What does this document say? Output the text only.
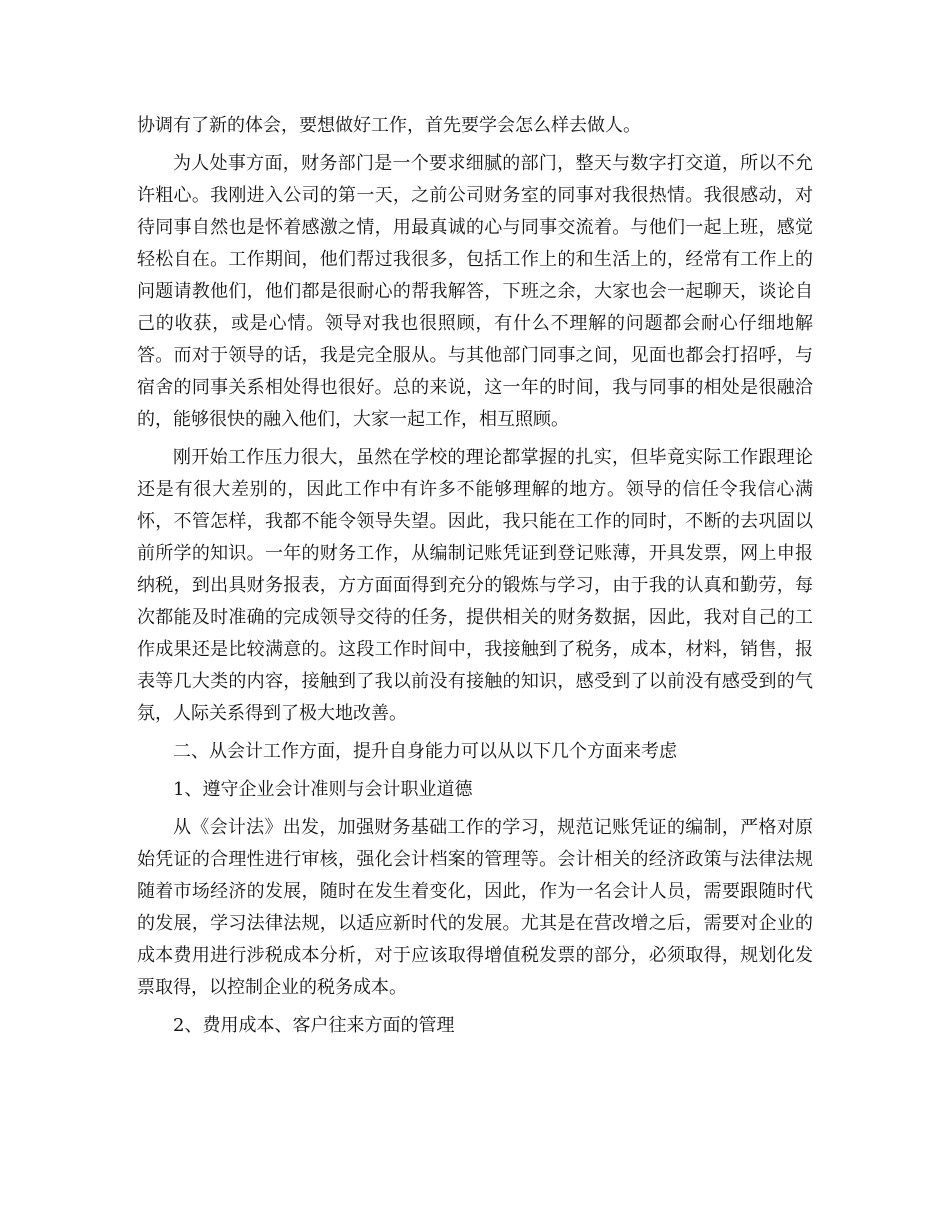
协调有了新的体会，要想做好工作，首先要学会怎么样去做人。

为人处事方面，财务部门是一个要求细腻的部门，整天与数字打交道，所以不允许粗心。我刚进入公司的第一天，之前公司财务室的同事对我很热情。我很感动，对待同事自然也是怀着感激之情，用最真诚的心与同事交流着。与他们一起上班，感觉轻松自在。工作期间，他们帮过我很多，包括工作上的和生活上的，经常有工作上的问题请教他们，他们都是很耐心的帮我解答，下班之余，大家也会一起聊天，谈论自己的收获，或是心情。领导对我也很照顾，有什么不理解的问题都会耐心仔细地解答。而对于领导的话，我是完全服从。与其他部门同事之间，见面也都会打招呼，与宿舍的同事关系相处得也很好。总的来说，这一年的时间，我与同事的相处是很融洽的，能够很快的融入他们，大家一起工作，相互照顾。

刚开始工作压力很大，虽然在学校的理论都掌握的扎实，但毕竟实际工作跟理论还是有很大差别的，因此工作中有许多不能够理解的地方。领导的信任令我信心满怀，不管怎样，我都不能令领导失望。因此，我只能在工作的同时，不断的去巩固以前所学的知识。一年的财务工作，从编制记账凭证到登记账薄，开具发票，网上申报纳税，到出具财务报表，方方面面得到充分的锻炼与学习，由于我的认真和勤劳，每次都能及时准确的完成领导交待的任务，提供相关的财务数据，因此，我对自己的工作成果还是比较满意的。这段工作时间中，我接触到了税务，成本，材料，销售，报表等几大类的内容，接触到了我以前没有接触的知识，感受到了以前没有感受到的气氛，人际关系得到了极大地改善。

二、从会计工作方面，提升自身能力可以从以下几个方面来考虑

1、遵守企业会计准则与会计职业道德

从《会计法》出发，加强财务基础工作的学习，规范记账凭证的编制，严格对原始凭证的合理性进行审核，强化会计档案的管理等。会计相关的经济政策与法律法规随着市场经济的发展，随时在发生着变化，因此，作为一名会计人员，需要跟随时代的发展，学习法律法规，以适应新时代的发展。尤其是在营改增之后，需要对企业的成本费用进行涉税成本分析，对于应该取得增值税发票的部分，必须取得，规划化发票取得，以控制企业的税务成本。

2、费用成本、客户往来方面的管理
